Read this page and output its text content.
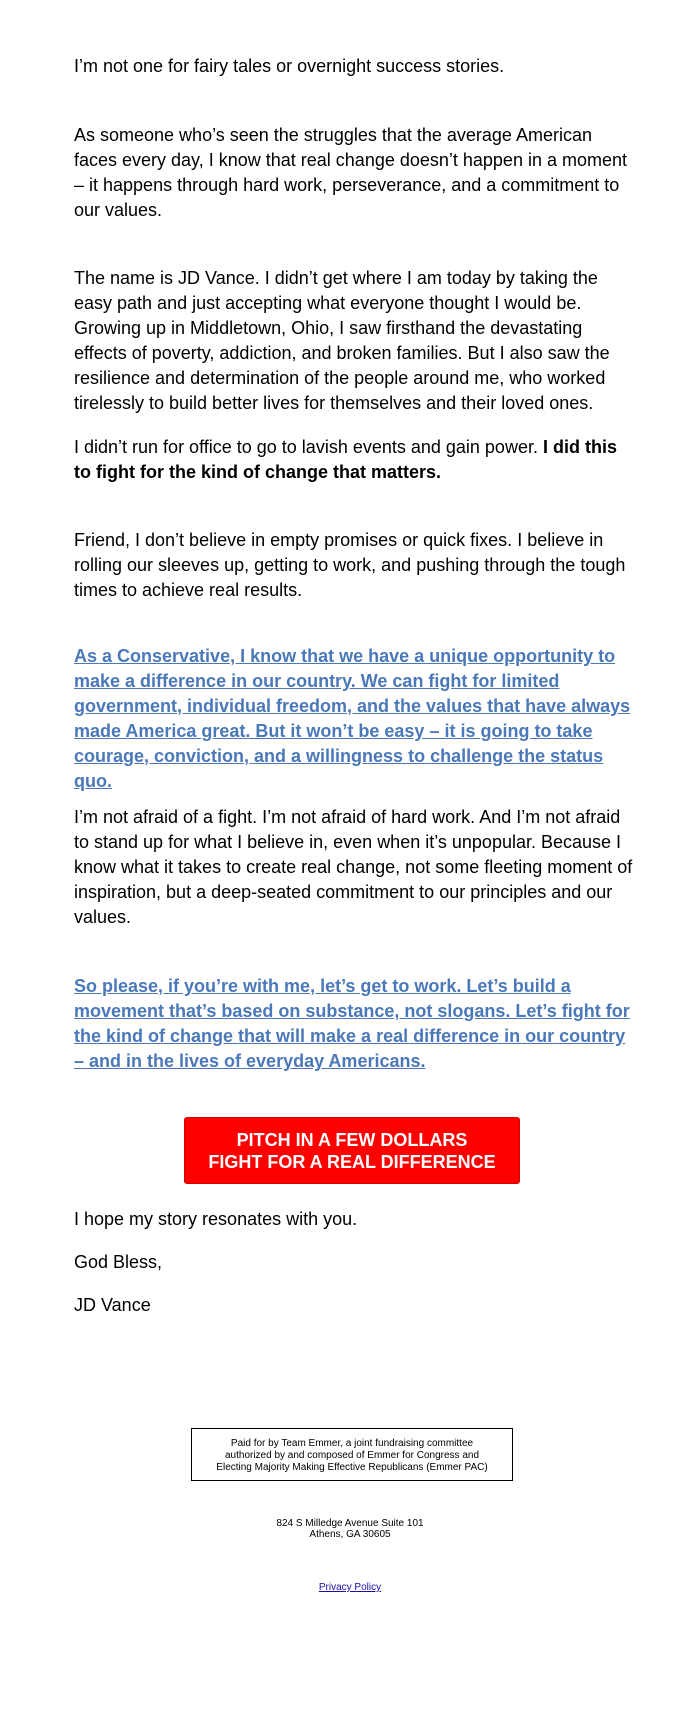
I’m not one for fairy tales or overnight success stories.

As someone who’s seen the struggles that the average American faces every day, I know that real change doesn’t happen in a moment – it happens through hard work, perseverance, and a commitment to our values.

The name is JD Vance. I didn’t get where I am today by taking the easy path and just accepting what everyone thought I would be. Growing up in Middletown, Ohio, I saw firsthand the devastating effects of poverty, addiction, and broken families. But I also saw the resilience and determination of the people around me, who worked tirelessly to build better lives for themselves and their loved ones.

I didn’t run for office to go to lavish events and gain power. I did this to fight for the kind of change that matters.

Friend, I don’t believe in empty promises or quick fixes. I believe in rolling our sleeves up, getting to work, and pushing through the tough times to achieve real results.

As a Conservative, I know that we have a unique opportunity to make a difference in our country. We can fight for limited government, individual freedom, and the values that have always made America great. But it won’t be easy – it is going to take courage, conviction, and a willingness to challenge the status quo.

I’m not afraid of a fight. I’m not afraid of hard work. And I’m not afraid to stand up for what I believe in, even when it’s unpopular. Because I know what it takes to create real change, not some fleeting moment of inspiration, but a deep-seated commitment to our principles and our values.

So please, if you’re with me, let’s get to work. Let’s build a movement that’s based on substance, not slogans. Let’s fight for the kind of change that will make a real difference in our country – and in the lives of everyday Americans.

I hope my story resonates with you.

God Bless,

JD Vance

PITCH IN A FEW DOLLARS
FIGHT FOR A REAL DIFFERENCE
Paid for by Team Emmer, a joint fundraising committee
authorized by and composed of Emmer for Congress and
Electing Majority Making Effective Republicans (Emmer PAC)
824 S Milledge Avenue Suite 101
Athens, GA 30605
Privacy Policy
